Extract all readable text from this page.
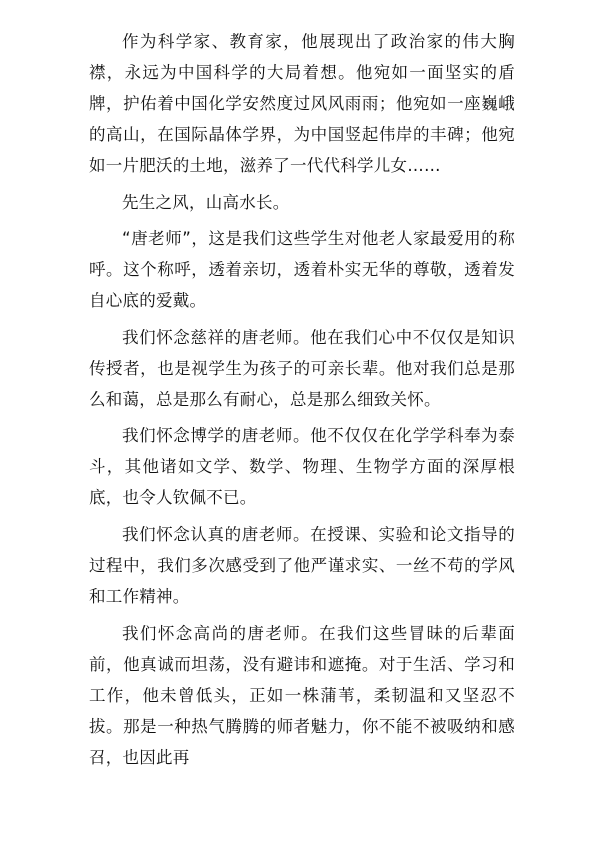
作为科学家、教育家，他展现出了政治家的伟大胸襟，永远为中国科学的大局着想。他宛如一面坚实的盾牌，护佑着中国化学安然度过风风雨雨；他宛如一座巍峨的高山，在国际晶体学界，为中国竖起伟岸的丰碑；他宛如一片肥沃的土地，滋养了一代代科学儿女……

先生之风，山高水长。

“唐老师”，这是我们这些学生对他老人家最爱用的称呼。这个称呼，透着亲切，透着朴实无华的尊敬，透着发自心底的爱戴。

我们怀念慈祥的唐老师。他在我们心中不仅仅是知识传授者，也是视学生为孩子的可亲长辈。他对我们总是那么和蔼，总是那么有耐心，总是那么细致关怀。

我们怀念博学的唐老师。他不仅仅在化学学科奉为泰斗，其他诸如文学、数学、物理、生物学方面的深厚根底，也令人钦佩不已。

我们怀念认真的唐老师。在授课、实验和论文指导的过程中，我们多次感受到了他严谨求实、一丝不苟的学风和工作精神。

我们怀念高尚的唐老师。在我们这些冒昧的后辈面前，他真诚而坦荡，没有避讳和遮掩。对于生活、学习和工作，他未曾低头，正如一株蒲苇，柔韧温和又坚忍不拔。那是一种热气腾腾的师者魅力，你不能不被吸纳和感召，也因此再
